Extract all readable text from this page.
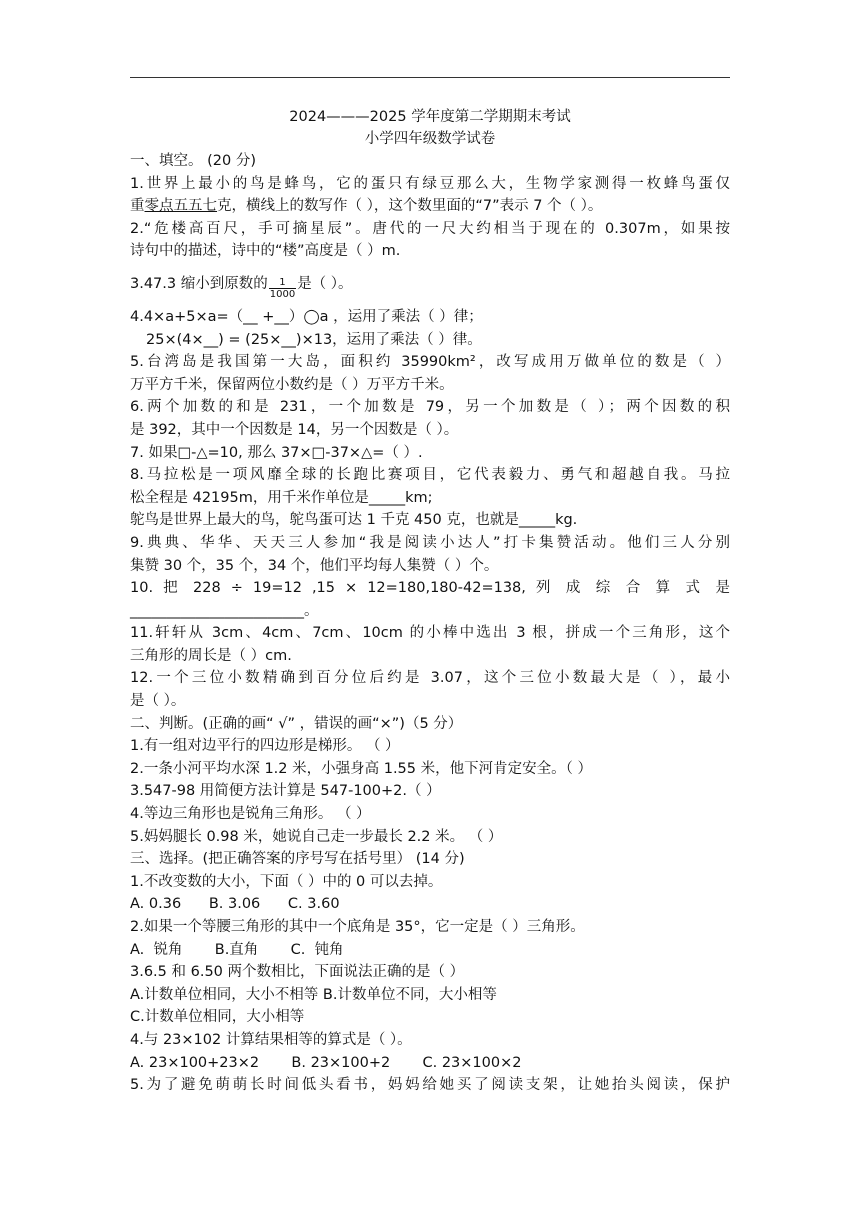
2024———2025 学年度第二学期期末考试
小学四年级数学试卷
一、填空。 (20 分)
1.世界上最小的鸟是蜂鸟，它的蛋只有绿豆那么大，生物学家测得一枚蜂鸟蛋仅
重零点五五七克，横线上的数写作（ ），这个数里面的“7”表示 7 个（ ）。
2.“危楼高百尺，手可摘星辰”。唐代的一尺大约相当于现在的 0.307m，如果按
诗句中的描述，诗中的“楼”高度是（ ）m.
3.47.3 缩小到原数的 $\frac{1}{1000}$ 是（ ）。
4.4×a+5×a=（__ +__）◯a ，运用了乘法（ ）律；
25×(4×__) = (25×__)×13，运用了乘法（ ）律。
5.台湾岛是我国第一大岛，面积约 35990km²，改写成用万做单位的数是（ ）
万平方千米，保留两位小数约是（ ）万平方千米。
6.两个加数的和是 231，一个加数是 79，另一个加数是（ ）；两个因数的积
是 392，其中一个因数是 14，另一个因数是（ ）。
7. 如果□-△=10, 那么 37×□-37×△=（ ）.
8.马拉松是一项风靡全球的长跑比赛项目，它代表毅力、勇气和超越自我。马拉
松全程是 42195m，用千米作单位是_____km;
鸵鸟是世界上最大的鸟，鸵鸟蛋可达 1 千克 450 克，也就是_____kg.
9.典典、华华、天天三人参加“我是阅读小达人”打卡集赞活动。他们三人分别
集赞 30 个，35 个，34 个，他们平均每人集赞（ ）个。
10. 把 228 ÷ 19=12 ,15 × 12=180,180-42=138, 列 成 综 合 算 式 是
________________________。
11.轩轩从 3cm、4cm、7cm、10cm 的小棒中选出 3 根，拼成一个三角形，这个
三角形的周长是（ ）cm.
12.一个三位小数精确到百分位后约是 3.07，这个三位小数最大是（ ），最小
是（ ）。
二、判断。(正确的画“ √” ，错误的画“×”)（5 分）
1.有一组对边平行的四边形是梯形。 （ ）
2.一条小河平均水深 1.2 米，小强身高 1.55 米，他下河肯定安全。（ ）
3.547-98 用简便方法计算是 547-100+2.（ ）
4.等边三角形也是锐角三角形。 （ ）
5.妈妈腿长 0.98 米，她说自己走一步最长 2.2 米。 （ ）
三、选择。(把正确答案的序号写在括号里） (14 分)
1.不改变数的大小，下面（ ）中的 0 可以去掉。
A. 0.36      B. 3.06      C. 3.60
2.如果一个等腰三角形的其中一个底角是 35°，它一定是（ ）三角形。
A.  锐角       B.直角       C.  钝角
3.6.5 和 6.50 两个数相比，下面说法正确的是（ ）
A.计数单位相同，大小不相等 B.计数单位不同，大小相等
C.计数单位相同，大小相等
4.与 23×102 计算结果相等的算式是（ ）。
A. 23×100+23×2       B. 23×100+2       C. 23×100×2
5.为了避免萌萌长时间低头看书，妈妈给她买了阅读支架，让她抬头阅读，保护
